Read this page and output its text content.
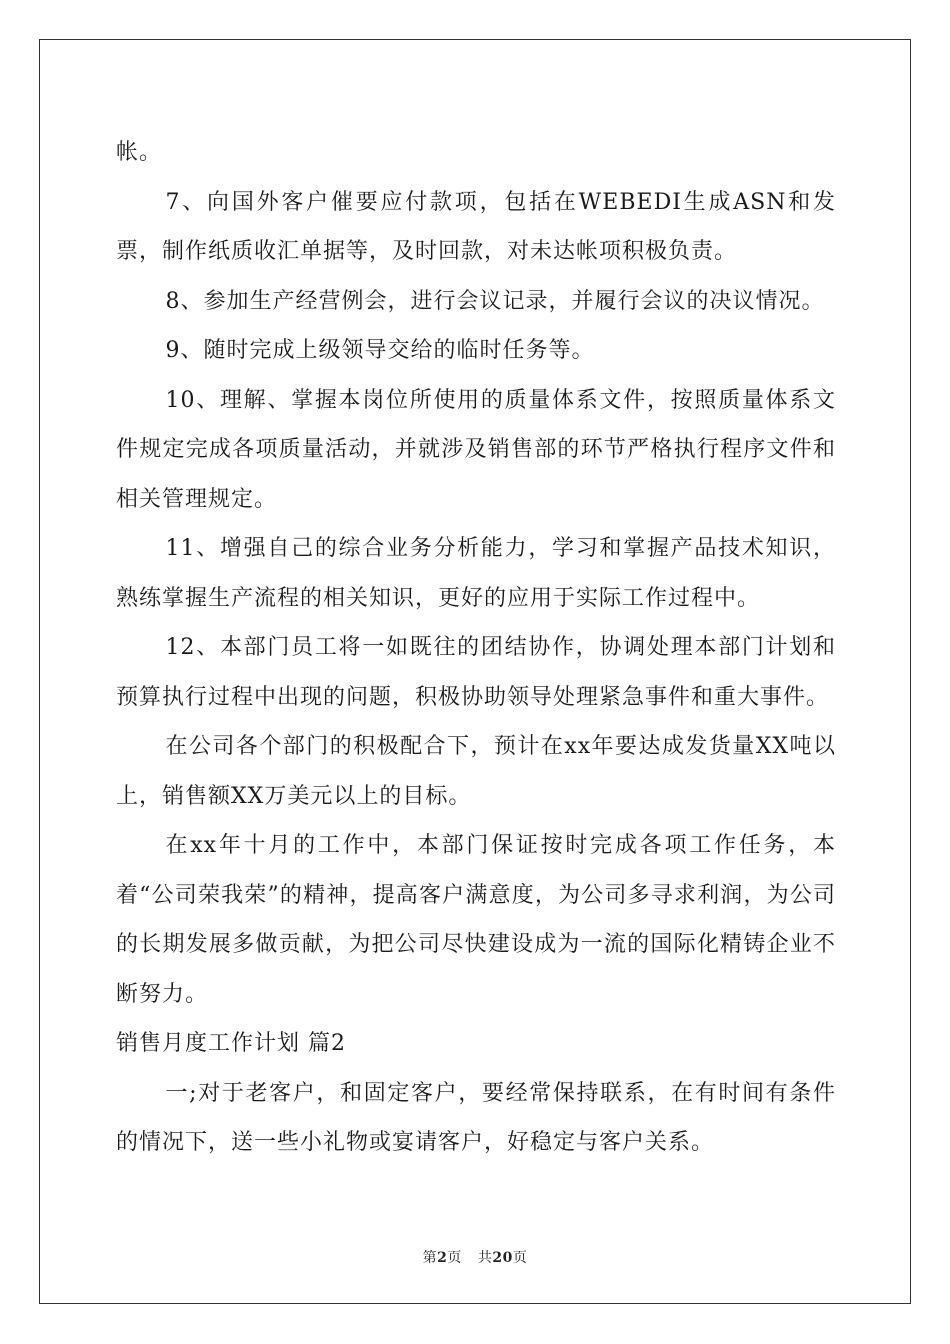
帐。

7、向国外客户催要应付款项，包括在WEBEDI生成ASN和发票，制作纸质收汇单据等，及时回款，对未达帐项积极负责。

8、参加生产经营例会，进行会议记录，并履行会议的决议情况。

9、随时完成上级领导交给的临时任务等。

10、理解、掌握本岗位所使用的质量体系文件，按照质量体系文件规定完成各项质量活动，并就涉及销售部的环节严格执行程序文件和相关管理规定。

11、增强自己的综合业务分析能力，学习和掌握产品技术知识，熟练掌握生产流程的相关知识，更好的应用于实际工作过程中。

12、本部门员工将一如既往的团结协作，协调处理本部门计划和预算执行过程中出现的问题，积极协助领导处理紧急事件和重大事件。

在公司各个部门的积极配合下，预计在xx年要达成发货量XX吨以上，销售额XX万美元以上的目标。

在xx年十月的工作中，本部门保证按时完成各项工作任务，本着“公司荣我荣”的精神，提高客户满意度，为公司多寻求利润，为公司的长期发展多做贡献，为把公司尽快建设成为一流的国际化精铸企业不断努力。

销售月度工作计划 篇2

一;对于老客户，和固定客户，要经常保持联系，在有时间有条件的情况下，送一些小礼物或宴请客户，好稳定与客户关系。

第2页 共20页
